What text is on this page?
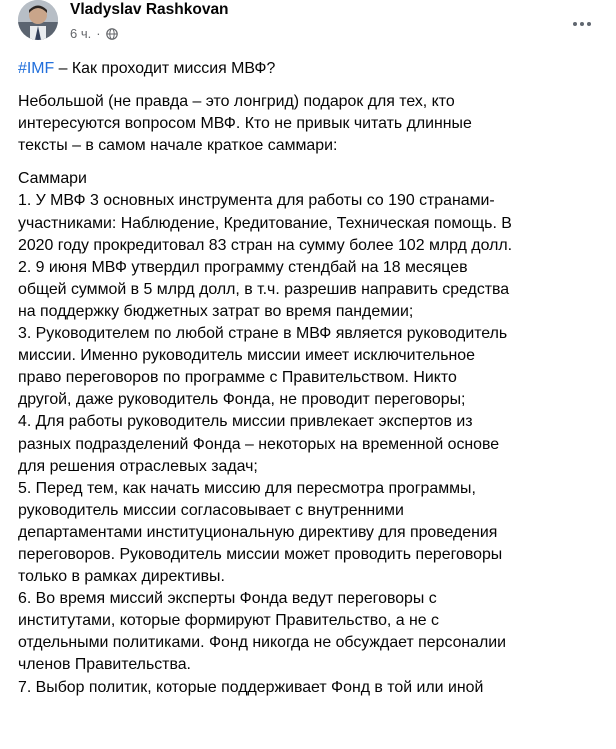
Vladyslav Rashkovan
6 ч. ·

#IMF – Как проходит миссия МВФ?

Небольшой (не правда – это лонгрид) подарок для тех, кто
интересуются вопросом МВФ. Кто не привык читать длинные
тексты – в самом начале краткое саммари:

Саммари
1. У МВФ 3 основных инструмента для работы со 190 странами-
участниками: Наблюдение, Кредитование, Техническая помощь. В
2020 году прокредитовал 83 стран на сумму более 102 млрд долл.
2. 9 июня МВФ утвердил программу стендбай на 18 месяцев
общей суммой в 5 млрд долл, в т.ч. разрешив направить средства
на поддержку бюджетных затрат во время пандемии;
3. Руководителем по любой стране в МВФ является руководитель
миссии. Именно руководитель миссии имеет исключительное
право переговоров по программе с Правительством. Никто
другой, даже руководитель Фонда, не проводит переговоры;
4. Для работы руководитель миссии привлекает экспертов из
разных подразделений Фонда – некоторых на временной основе
для решения отраслевых задач;
5. Перед тем, как начать миссию для пересмотра программы,
руководитель миссии согласовывает с внутренними
департаментами институциональную директиву для проведения
переговоров. Руководитель миссии может проводить переговоры
только в рамках директивы.
6. Во время миссий эксперты Фонда ведут переговоры с
институтами, которые формируют Правительство, а не с
отдельными политиками. Фонд никогда не обсуждает персоналии
членов Правительства.
7. Выбор политик, которые поддерживает Фонд в той или иной
